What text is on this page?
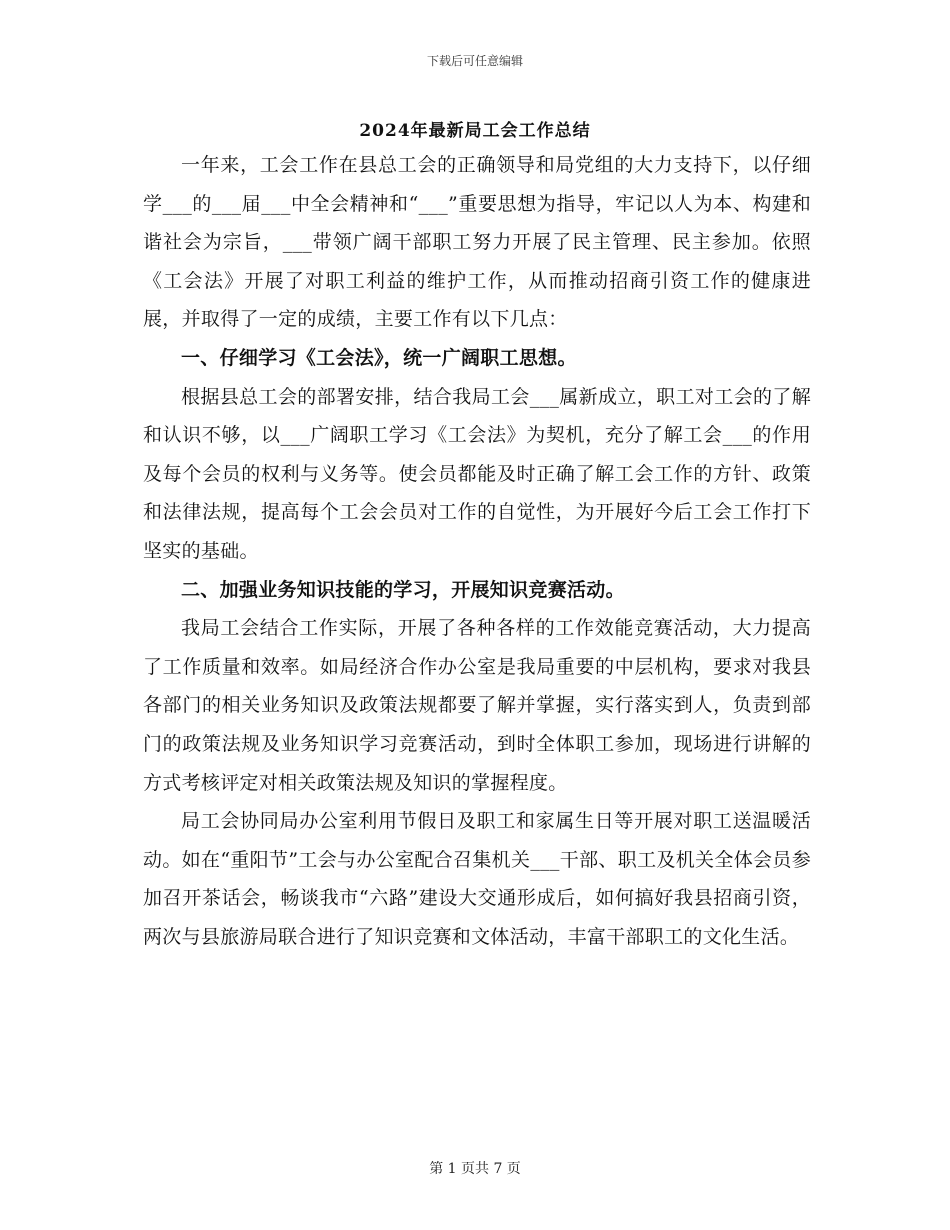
下载后可任意编辑
2024年最新局工会工作总结

一年来，工会工作在县总工会的正确领导和局党组的大力支持下，以仔细学___的___届___中全会精神和“___”重要思想为指导，牢记以人为本、构建和谐社会为宗旨，___带领广阔干部职工努力开展了民主管理、民主参加。依照《工会法》开展了对职工利益的维护工作，从而推动招商引资工作的健康进展，并取得了一定的成绩，主要工作有以下几点：

一、仔细学习《工会法》，统一广阔职工思想。

根据县总工会的部署安排，结合我局工会___属新成立，职工对工会的了解和认识不够，以___广阔职工学习《工会法》为契机，充分了解工会___的作用及每个会员的权利与义务等。使会员都能及时正确了解工会工作的方针、政策和法律法规，提高每个工会会员对工作的自觉性，为开展好今后工会工作打下坚实的基础。

二、加强业务知识技能的学习，开展知识竞赛活动。

我局工会结合工作实际，开展了各种各样的工作效能竞赛活动，大力提高了工作质量和效率。如局经济合作办公室是我局重要的中层机构，要求对我县各部门的相关业务知识及政策法规都要了解并掌握，实行落实到人，负责到部门的政策法规及业务知识学习竞赛活动，到时全体职工参加，现场进行讲解的方式考核评定对相关政策法规及知识的掌握程度。

局工会协同局办公室利用节假日及职工和家属生日等开展对职工送温暖活动。如在“重阳节”工会与办公室配合召集机关___干部、职工及机关全体会员参加召开茶话会，畅谈我市“六路”建设大交通形成后，如何搞好我县招商引资，两次与县旅游局联合进行了知识竞赛和文体活动，丰富干部职工的文化生活。

第 1 页共 7 页
